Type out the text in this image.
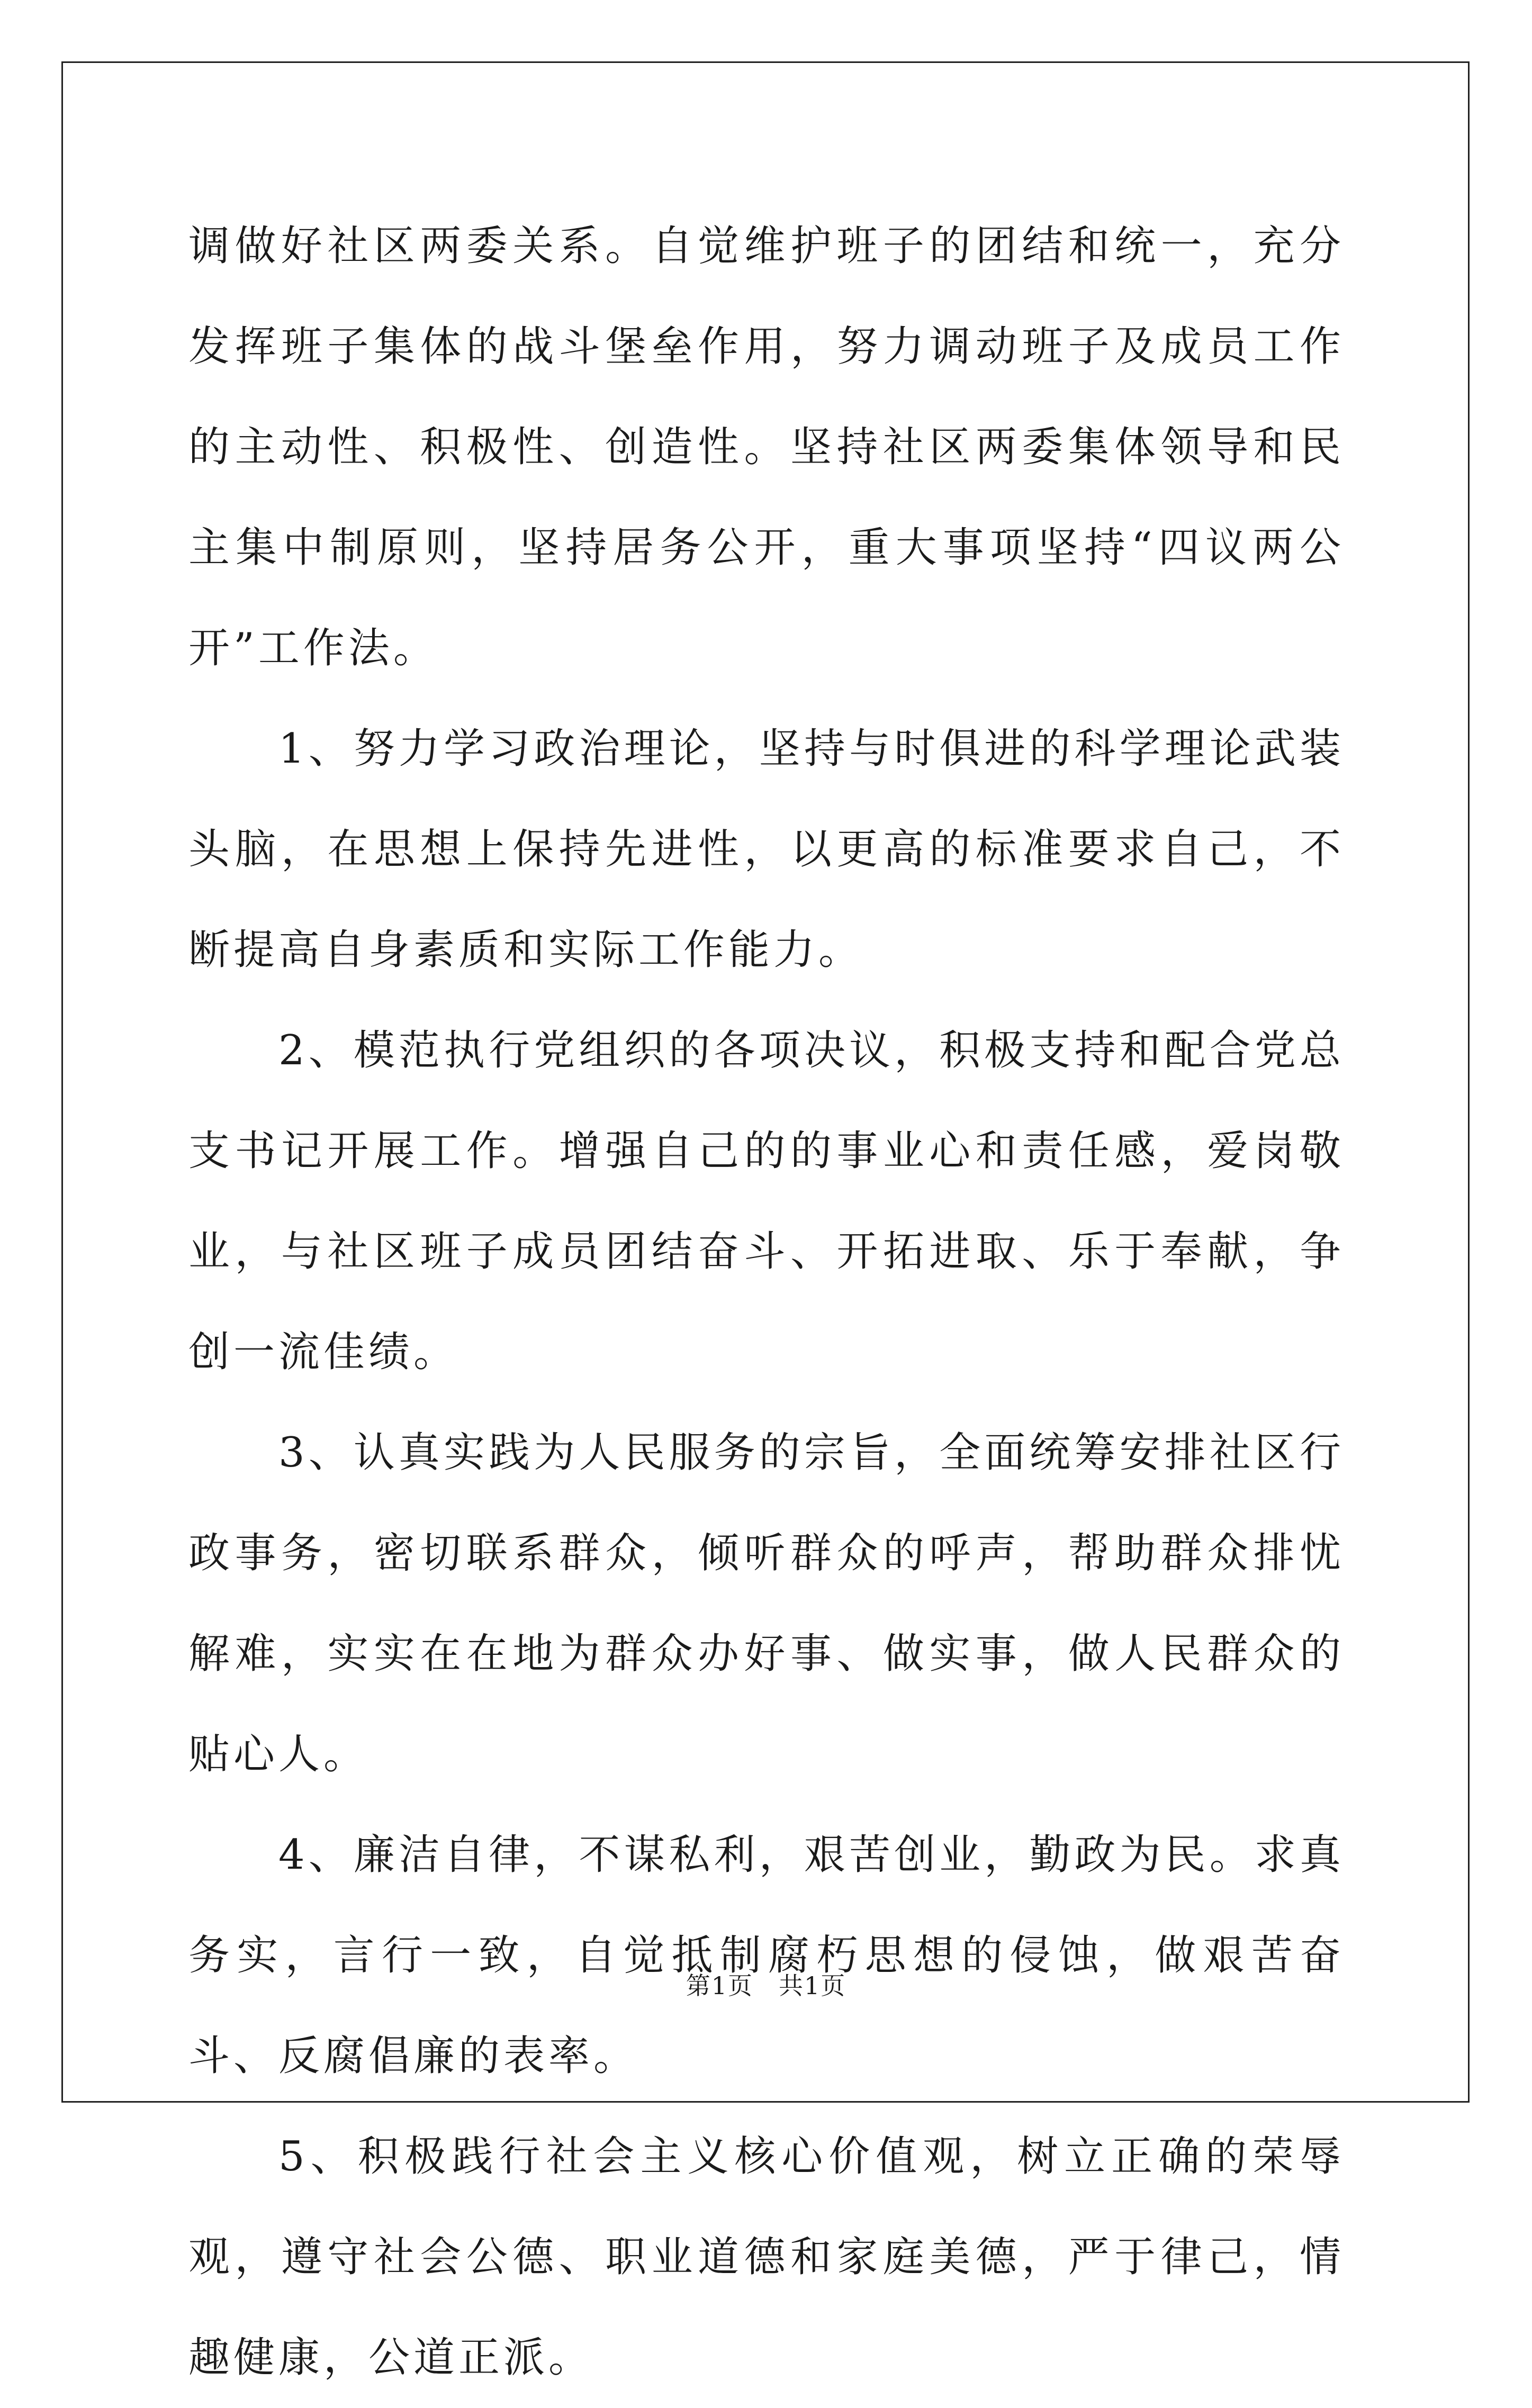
调做好社区两委关系。自觉维护班子的团结和统一，充分发挥班子集体的战斗堡垒作用，努力调动班子及成员工作的主动性、积极性、创造性。坚持社区两委集体领导和民主集中制原则，坚持居务公开，重大事项坚持“四议两公开”工作法。

1、努力学习政治理论，坚持与时俱进的科学理论武装头脑，在思想上保持先进性，以更高的标准要求自己，不断提高自身素质和实际工作能力。

2、模范执行党组织的各项决议，积极支持和配合党总支书记开展工作。增强自己的的事业心和责任感，爱岗敬业，与社区班子成员团结奋斗、开拓进取、乐于奉献，争创一流佳绩。

3、认真实践为人民服务的宗旨，全面统筹安排社区行政事务，密切联系群众，倾听群众的呼声，帮助群众排忧解难，实实在在地为群众办好事、做实事，做人民群众的贴心人。

4、廉洁自律，不谋私利，艰苦创业，勤政为民。求真务实，言行一致，自觉抵制腐朽思想的侵蚀，做艰苦奋斗、反腐倡廉的表率。

5、积极践行社会主义核心价值观，树立正确的荣辱观，遵守社会公德、职业道德和家庭美德，严于律己，情趣健康，公道正派。

第1页 共1页
